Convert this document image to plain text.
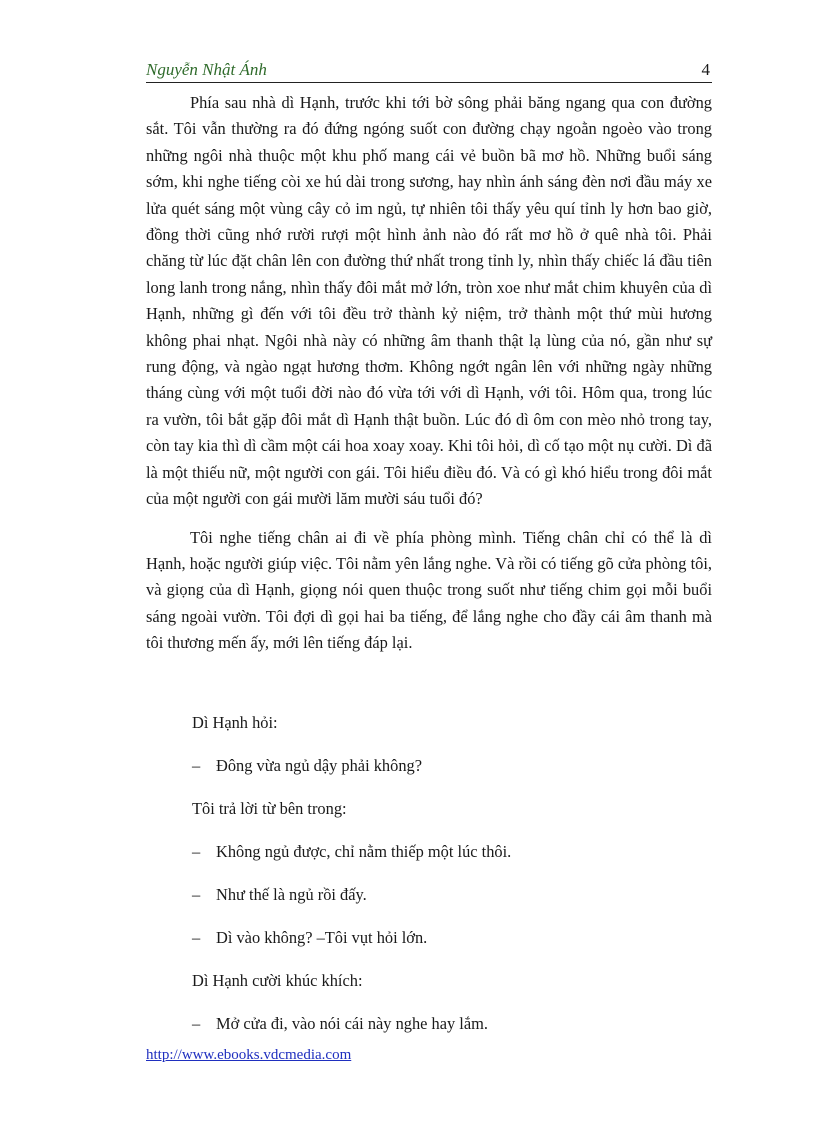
Nguyễn Nhật Ánh	4

Phía sau nhà dì Hạnh, trước khi tới bờ sông phải băng ngang qua con đường sắt. Tôi vẫn thường ra đó đứng ngóng suốt con đường chạy ngoằn ngoèo vào trong những ngôi nhà thuộc một khu phố mang cái vẻ buồn bã mơ hồ. Những buổi sáng sớm, khi nghe tiếng còi xe hú dài trong sương, hay nhìn ánh sáng đèn nơi đầu máy xe lửa quét sáng một vùng cây cỏ im ngủ, tự nhiên tôi thấy yêu quí tỉnh ly hơn bao giờ, đồng thời cũng nhớ rười rượi một hình ảnh nào đó rất mơ hồ ở quê nhà tôi. Phải chăng từ lúc đặt chân lên con đường thứ nhất trong tỉnh ly, nhìn thấy chiếc lá đầu tiên long lanh trong nắng, nhìn thấy đôi mắt mở lớn, tròn xoe như mắt chim khuyên của dì Hạnh, những gì đến với tôi đều trở thành kỷ niệm, trở thành một thứ mùi hương không phai nhạt. Ngôi nhà này có những âm thanh thật lạ lùng của nó, gần như sự rung động, và ngào ngạt hương thơm. Không ngớt ngân lên với những ngày những tháng cùng với một tuổi đời nào đó vừa tới với dì Hạnh, với tôi. Hôm qua, trong lúc ra vườn, tôi bắt gặp đôi mắt dì Hạnh thật buồn. Lúc đó dì ôm con mèo nhỏ trong tay, còn tay kia thì dì cầm một cái hoa xoay xoay. Khi tôi hỏi, dì cố tạo một nụ cười. Dì đã là một thiếu nữ, một người con gái. Tôi hiểu điều đó. Và có gì khó hiểu trong đôi mắt của một người con gái mười lăm mười sáu tuổi đó?

Tôi nghe tiếng chân ai đi về phía phòng mình. Tiếng chân chỉ có thể là dì Hạnh, hoặc người giúp việc. Tôi nằm yên lắng nghe. Và rồi có tiếng gõ cửa phòng tôi, và giọng của dì Hạnh, giọng nói quen thuộc trong suốt như tiếng chim gọi mỗi buổi sáng ngoài vườn. Tôi đợi dì gọi hai ba tiếng, để lắng nghe cho đầy cái âm thanh mà tôi thương mến ấy, mới lên tiếng đáp lại.

Dì Hạnh hỏi:

– Đông vừa ngủ dậy phải không?

Tôi trả lời từ bên trong:

– Không ngủ được, chỉ nằm thiếp một lúc thôi.

– Như thế là ngủ rồi đấy.

– Dì vào không? –Tôi vụt hỏi lớn.

Dì Hạnh cười khúc khích:

– Mở cửa đi, vào nói cái này nghe hay lắm.

http://www.ebooks.vdcmedia.com
